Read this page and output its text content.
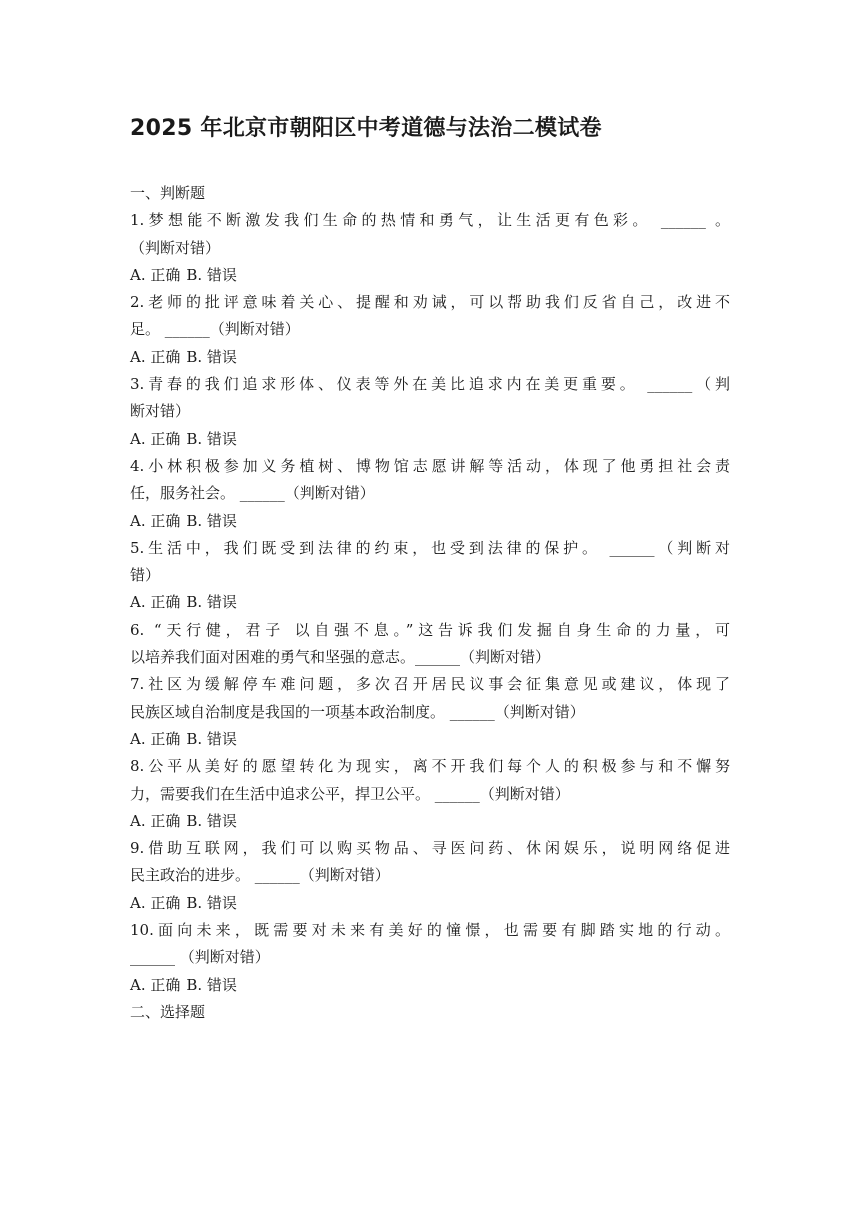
2025 年北京市朝阳区中考道德与法治二模试卷
一、判断题
1.梦想能不断激发我们生命的热情和勇气，让生活更有色彩。 ______ 。
（判断对错）
A. 正确 B. 错误
2.老师的批评意味着关心、提醒和劝诫，可以帮助我们反省自己，改进不
足。 ______（判断对错）
A. 正确 B. 错误
3.青春的我们追求形体、仪表等外在美比追求内在美更重要。 ______（判
断对错）
A. 正确 B. 错误
4.小林积极参加义务植树、博物馆志愿讲解等活动，体现了他勇担社会责
任，服务社会。 ______（判断对错）
A. 正确 B. 错误
5.生活中，我们既受到法律的约束，也受到法律的保护。 ______（判断对
错）
A. 正确 B. 错误
6. “天行健，君子 以自强不息。”这告诉我们发掘自身生命的力量，可
以培养我们面对困难的勇气和坚强的意志。______（判断对错）
7.社区为缓解停车难问题，多次召开居民议事会征集意见或建议，体现了
民族区域自治制度是我国的一项基本政治制度。 ______（判断对错）
A. 正确 B. 错误
8.公平从美好的愿望转化为现实，离不开我们每个人的积极参与和不懈努
力，需要我们在生活中追求公平，捍卫公平。 ______（判断对错）
A. 正确 B. 错误
9.借助互联网，我们可以购买物品、寻医问药、休闲娱乐，说明网络促进
民主政治的进步。 ______（判断对错）
A. 正确 B. 错误
10.面向未来，既需要对未来有美好的憧憬，也需要有脚踏实地的行动。
______ （判断对错）
A. 正确 B. 错误
二、选择题
